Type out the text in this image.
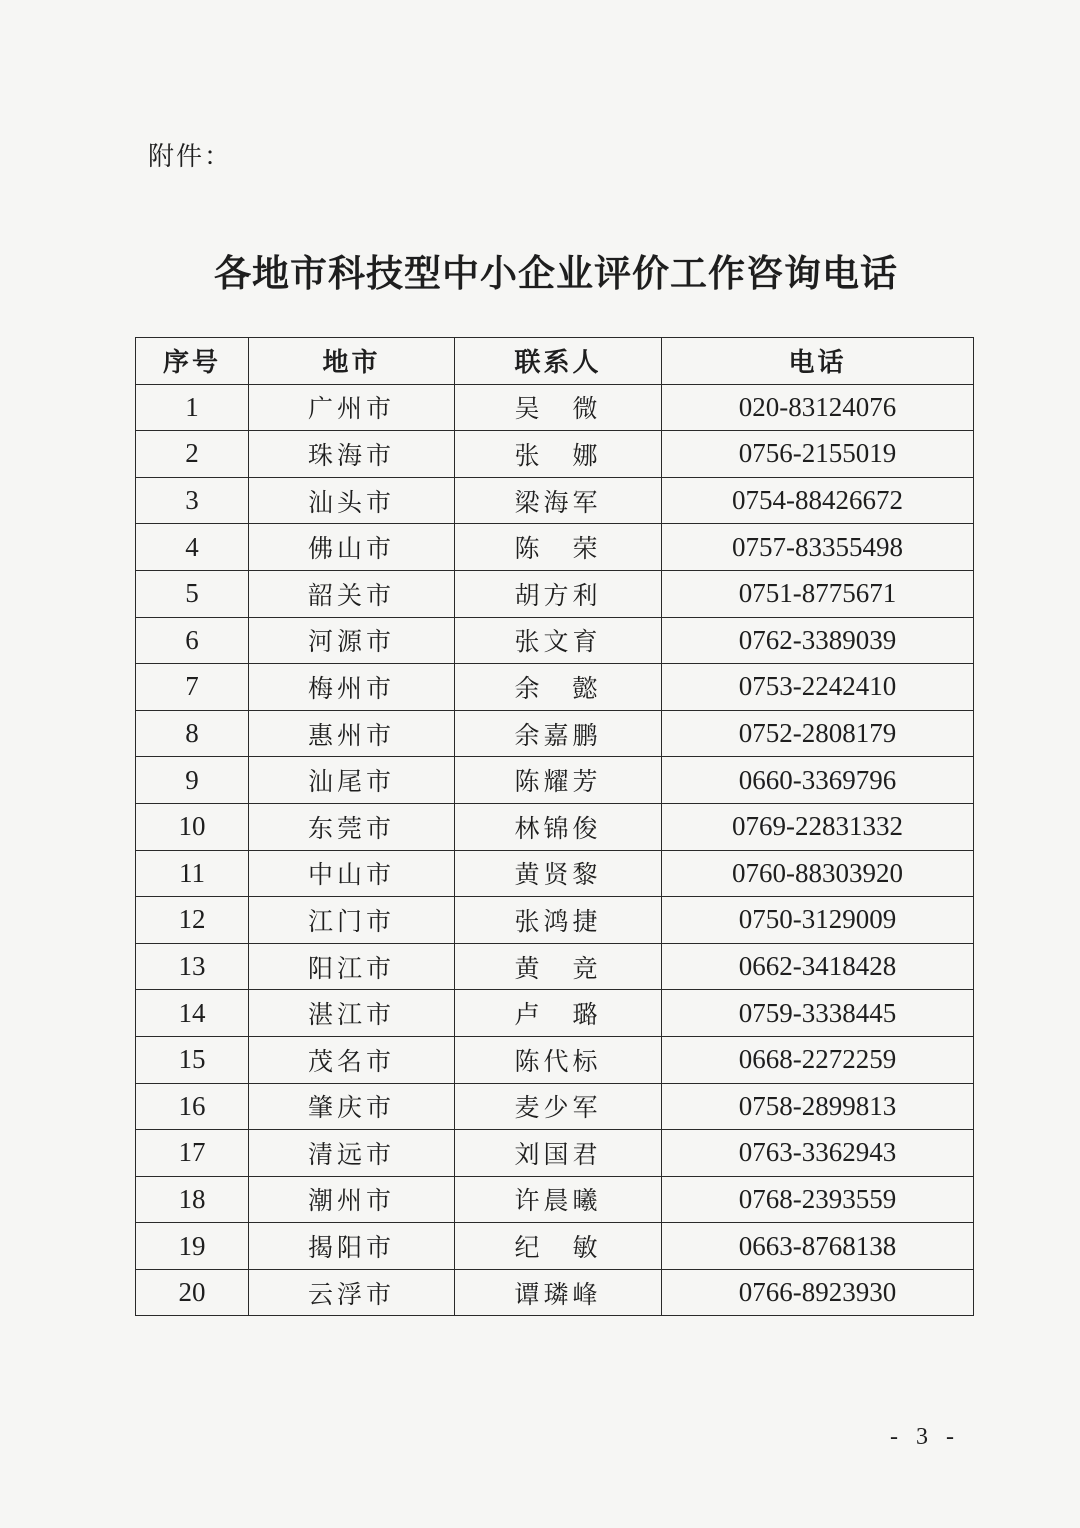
附件：
各地市科技型中小企业评价工作咨询电话
序号	地市	联系人	电话
1	广州市	吴　微	020-83124076
2	珠海市	张　娜	0756-2155019
3	汕头市	梁海军	0754-88426672
4	佛山市	陈　荣	0757-83355498
5	韶关市	胡方利	0751-8775671
6	河源市	张文育	0762-3389039
7	梅州市	余　懿	0753-2242410
8	惠州市	余嘉鹏	0752-2808179
9	汕尾市	陈耀芳	0660-3369796
10	东莞市	林锦俊	0769-22831332
11	中山市	黄贤黎	0760-88303920
12	江门市	张鸿捷	0750-3129009
13	阳江市	黄　竞	0662-3418428
14	湛江市	卢　璐	0759-3338445
15	茂名市	陈代标	0668-2272259
16	肇庆市	麦少军	0758-2899813
17	清远市	刘国君	0763-3362943
18	潮州市	许晨曦	0768-2393559
19	揭阳市	纪　敏	0663-8768138
20	云浮市	谭璘峰	0766-8923930
- 3 -
